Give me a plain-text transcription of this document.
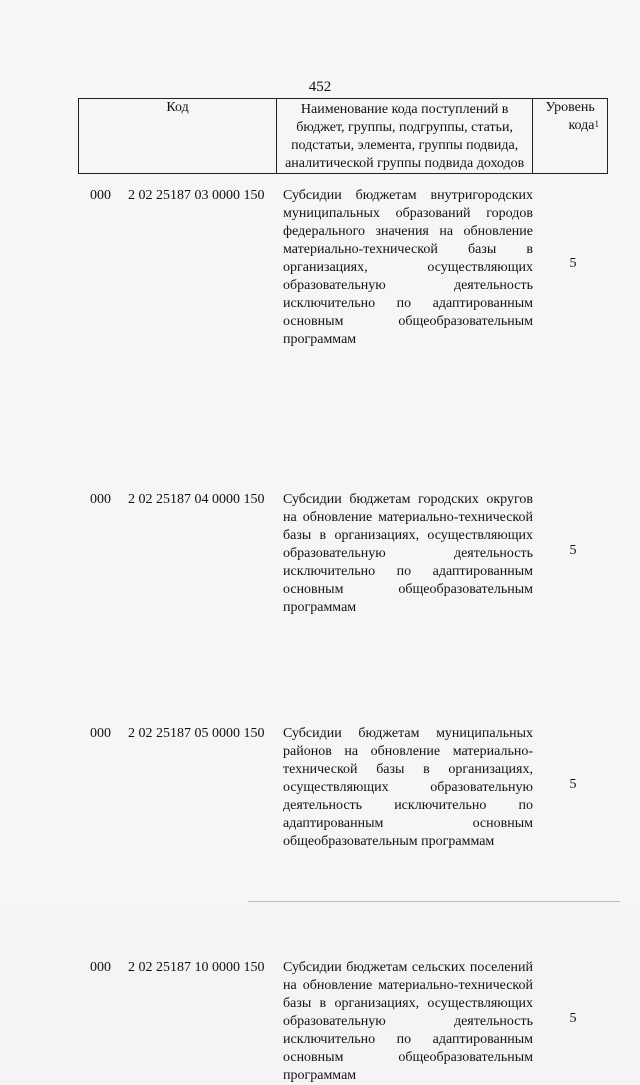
452
Код	Наименование кода поступлений в бюджет, группы, подгруппы, статьи, подстатьи, элемента, группы подвида, аналитической группы подвида доходов	
Уровень
кода$^1$
000 2 02 25187 03 0000 150 Субсидии бюджетам внутригородских муниципальных образований городов федерального значения на обновление материально-технической базы в организациях, осуществляющих образовательную деятельность исключительно по адаптированным основным общеобразовательным программам
5
000 2 02 25187 04 0000 150 Субсидии бюджетам городских округов на обновление материально-технической базы в организациях, осуществляющих образовательную деятельность исключительно по адаптированным основным общеобразовательным программам
5
000 2 02 25187 05 0000 150 Субсидии бюджетам муниципальных районов на обновление материально-технической базы в организациях, осуществляющих образовательную деятельность исключительно по адаптированным основным общеобразовательным программам
5
000 2 02 25187 10 0000 150 Субсидии бюджетам сельских поселений на обновление материально-технической базы в организациях, осуществляющих образовательную деятельность исключительно по адаптированным основным общеобразовательным программам
5
